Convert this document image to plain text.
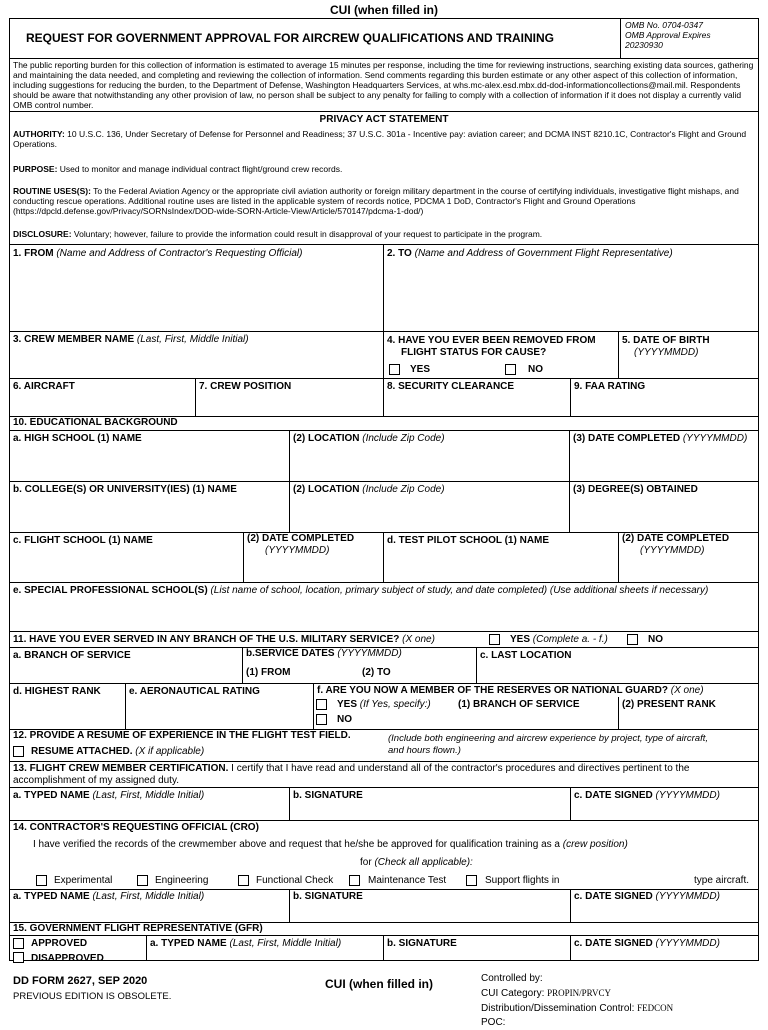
CUI (when filled in)
REQUEST FOR GOVERNMENT APPROVAL FOR AIRCREW QUALIFICATIONS AND TRAINING
OMB No. 0704-0347
OMB Approval Expires
20230930
The public reporting burden for this collection of information is estimated to average 15 minutes per response, including the time for reviewing instructions, searching existing data sources, gathering and maintaining the data needed, and completing and reviewing the collection of information. Send comments regarding this burden estimate or any other aspect of this collection of information, including suggestions for reducing the burden, to the Department of Defense, Washington Headquarters Services, at whs.mc-alex.esd.mbx.dd-dod-informationcollections@mail.mil. Respondents should be aware that notwithstanding any other provision of law, no person shall be subject to any penalty for failing to comply with a collection of information if it does not display a currently valid OMB control number.
PRIVACY ACT STATEMENT
AUTHORITY: 10 U.S.C. 136, Under Secretary of Defense for Personnel and Readiness; 37 U.S.C. 301a - Incentive pay: aviation career; and DCMA INST 8210.1C, Contractor's Flight and Ground Operations.
PURPOSE: Used to monitor and manage individual contract flight/ground crew records.
ROUTINE USES(S): To the Federal Aviation Agency or the appropriate civil aviation authority or foreign military department in the course of certifying individuals, investigative flight mishaps, and conducting rescue operations. Additional routine uses are listed in the applicable system of records notice, PDCMA 1 DoD, Contractor's Flight and Ground Operations (https://dpcld.defense.gov/Privacy/SORNsIndex/DOD-wide-SORN-Article-View/Article/570147/pdcma-1-dod/)
DISCLOSURE: Voluntary; however, failure to provide the information could result in disapproval of your request to participate in the program.
1. FROM (Name and Address of Contractor's Requesting Official)	2. TO (Name and Address of Government Flight Representative)
3. CREW MEMBER NAME (Last, First, Middle Initial)	4. HAVE YOU EVER BEEN REMOVED FROM
FLIGHT STATUS FOR CAUSE?
YES	NO
5. DATE OF BIRTH
(YYYYMMDD)
6. AIRCRAFT	7. CREW POSITION	8. SECURITY CLEARANCE	9. FAA RATING
10. EDUCATIONAL BACKGROUND
a. HIGH SCHOOL (1) NAME	(2) LOCATION (Include Zip Code)	(3) DATE COMPLETED (YYYYMMDD)
b. COLLEGE(S) OR UNIVERSITY(IES) (1) NAME	(2) LOCATION (Include Zip Code)	(3) DEGREE(S) OBTAINED
c. FLIGHT SCHOOL (1) NAME	(2) DATE COMPLETED
(YYYYMMDD)
d. TEST PILOT SCHOOL (1) NAME	(2) DATE COMPLETED
(YYYYMMDD)
e. SPECIAL PROFESSIONAL SCHOOL(S) (List name of school, location, primary subject of study, and date completed) (Use additional sheets if necessary)
11. HAVE YOU EVER SERVED IN ANY BRANCH OF THE U.S. MILITARY SERVICE? (X one)	YES (Complete a. - f.)	NO
a. BRANCH OF SERVICE	b.SERVICE DATES (YYYYMMDD)
(1) FROM	(2) TO
c. LAST LOCATION
d. HIGHEST RANK	e. AERONAUTICAL RATING	f. ARE YOU NOW A MEMBER OF THE RESERVES OR NATIONAL GUARD? (X one)
YES (If Yes, specify:)
NO
(1) BRANCH OF SERVICE	(2) PRESENT RANK
12. PROVIDE A RESUME OF EXPERIENCE IN THE FLIGHT TEST FIELD.
RESUME ATTACHED. (X if applicable)
(Include both engineering and aircrew experience by project, type of aircraft,
and hours flown.)
13. FLIGHT CREW MEMBER CERTIFICATION. I certify that I have read and understand all of the contractor's procedures and directives pertinent to the accomplishment of my assigned duty.
a. TYPED NAME (Last, First, Middle Initial)	b. SIGNATURE	c. DATE SIGNED (YYYYMMDD)
14. CONTRACTOR'S REQUESTING OFFICIAL (CRO)
I have verified the records of the crewmember above and request that he/she be approved for qualification training as a (crew position)
for (Check all applicable):
Experimental	Engineering	Functional Check	Maintenance Test	Support flights in	type aircraft.
a. TYPED NAME (Last, First, Middle Initial)	b. SIGNATURE	c. DATE SIGNED (YYYYMMDD)
15. GOVERNMENT FLIGHT REPRESENTATIVE (GFR)
APPROVED
DISAPPROVED
a. TYPED NAME (Last, First, Middle Initial)	b. SIGNATURE	c. DATE SIGNED (YYYYMMDD)
DD FORM 2627, SEP 2020
PREVIOUS EDITION IS OBSOLETE.
CUI (when filled in)	Controlled by:
CUI Category: PROPIN/PRVCY
Distribution/Dissemination Control: FEDCON
POC:
